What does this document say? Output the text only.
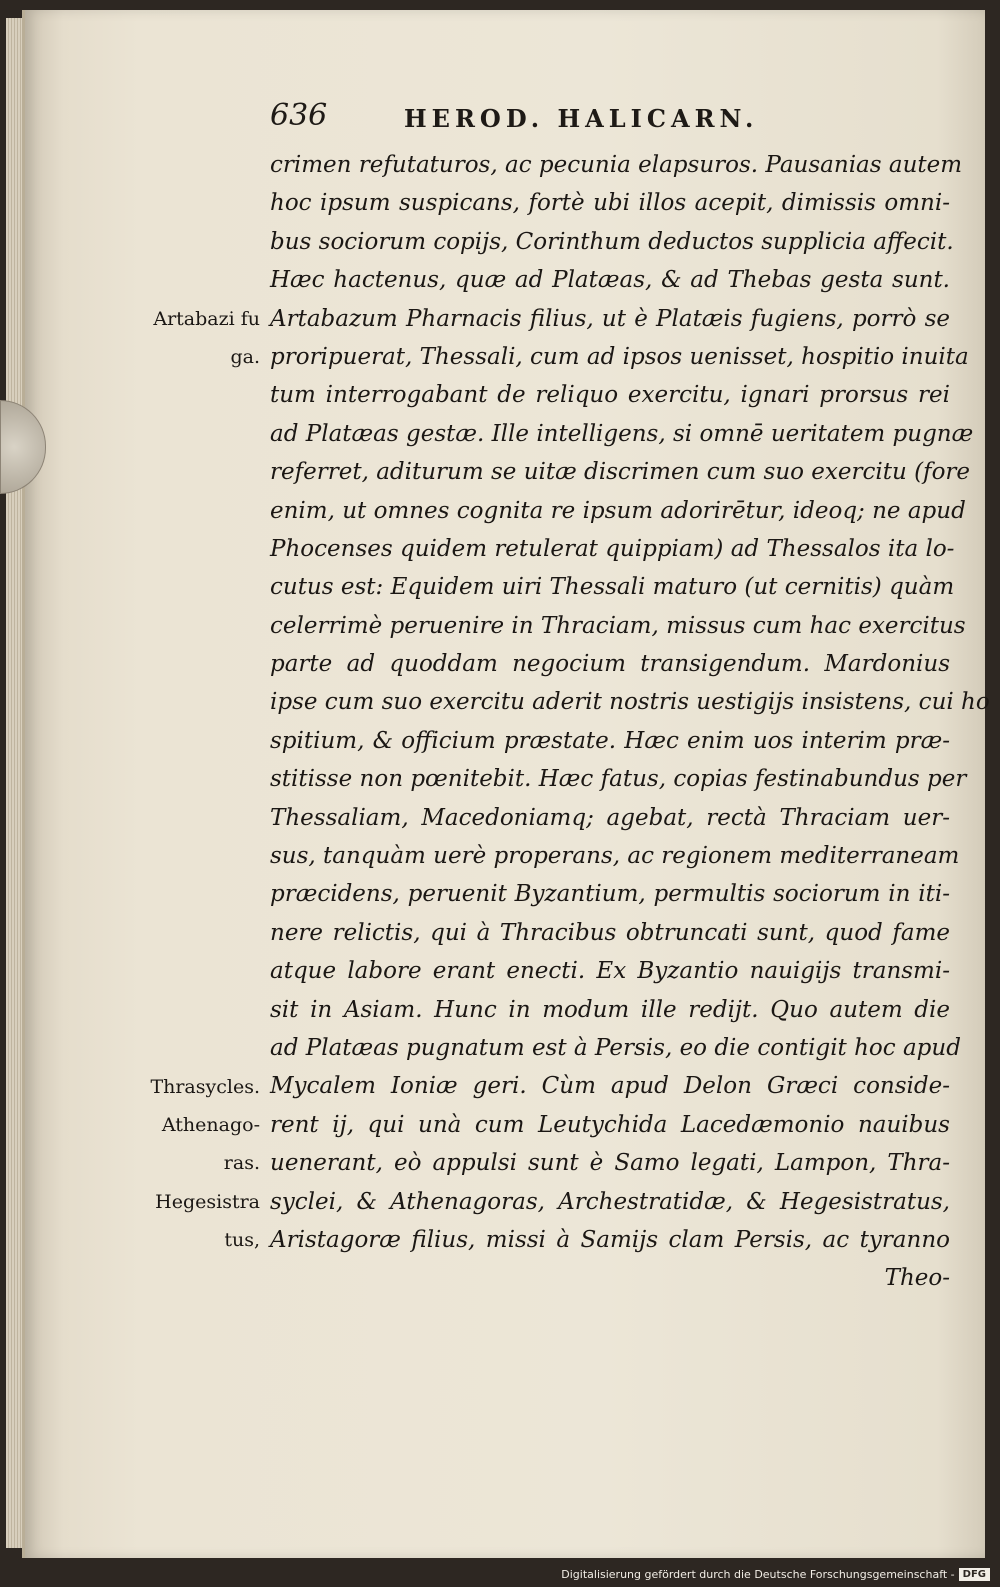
636	HEROD. HALICARN.
crimen refutaturos, ac pecunia elapsuros. Pausanias autem
hoc ipsum suspicans, fortè ubi illos acepit, dimissis omni-
bus sociorum copijs, Corinthum deductos supplicia affecit.
Hæc hactenus, quæ ad Platæas, & ad Thebas gesta sunt.
Artabazum Pharnacis filius, ut è Platæis fugiens, porrò se
proripuerat, Thessali, cum ad ipsos uenisset, hospitio inuita
tum interrogabant de reliquo exercitu, ignari prorsus rei
ad Platæas gestæ. Ille intelligens, si omnē ueritatem pugnæ
referret, aditurum se uitæ discrimen cum suo exercitu (fore
enim, ut omnes cognita re ipsum adorirētur, ideoq; ne apud
Phocenses quidem retulerat quippiam) ad Thessalos ita lo-
cutus est: Equidem uiri Thessali maturo (ut cernitis) quàm
celerrimè peruenire in Thraciam, missus cum hac exercitus
parte ad quoddam negocium transigendum. Mardonius
ipse cum suo exercitu aderit nostris uestigijs insistens, cui ho
spitium, & officium præstate. Hæc enim uos interim præ-
stitisse non pœnitebit. Hæc fatus, copias festinabundus per
Thessaliam, Macedoniamq; agebat, rectà Thraciam uer-
sus, tanquàm uerè properans, ac regionem mediterraneam
præcidens, peruenit Byzantium, permultis sociorum in iti-
nere relictis, qui à Thracibus obtruncati sunt, quod fame
atque labore erant enecti. Ex Byzantio nauigijs transmi-
sit in Asiam. Hunc in modum ille redijt. Quo autem die
ad Platæas pugnatum est à Persis, eo die contigit hoc apud
Mycalem Ioniæ geri. Cùm apud Delon Græci conside-
rent ij, qui unà cum Leutychida Lacedæmonio nauibus
uenerant, eò appulsi sunt è Samo legati, Lampon, Thra-
syclei, & Athenagoras, Archestratidæ, & Hegesistratus,
Aristagoræ filius, missi à Samijs clam Persis, ac tyranno
Theo-
Artabazi fu
ga.
Thrasycles.
Athenago-
ras.
Hegesistra
tus,
Digitalisierung gefördert durch die Deutsche Forschungsgemeinschaft - DFG
